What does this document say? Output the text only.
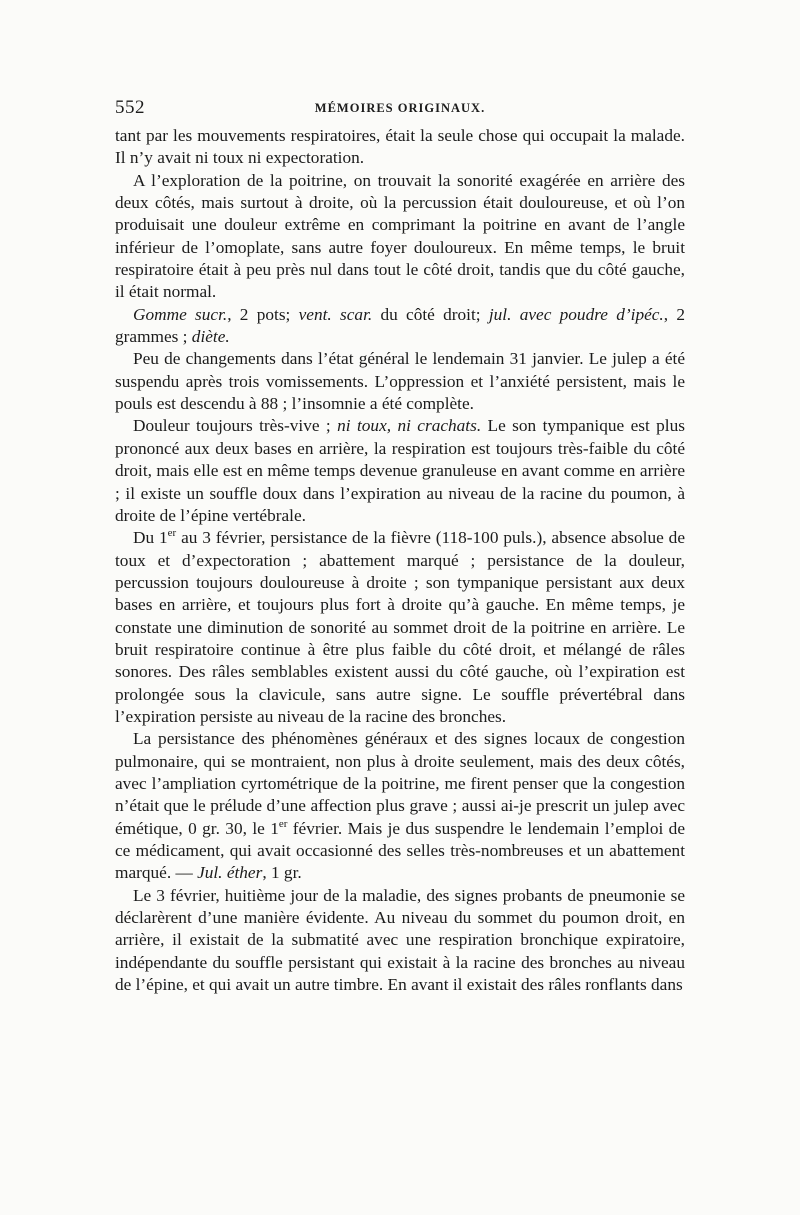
552	MÉMOIRES ORIGINAUX.

tant par les mouvements respiratoires, était la seule chose qui occupait la malade. Il n’y avait ni toux ni expectoration.

A l’exploration de la poitrine, on trouvait la sonorité exagérée en arrière des deux côtés, mais surtout à droite, où la percussion était douloureuse, et où l’on produisait une douleur extrême en comprimant la poitrine en avant de l’angle inférieur de l’omoplate, sans autre foyer douloureux. En même temps, le bruit respiratoire était à peu près nul dans tout le côté droit, tandis que du côté gauche, il était normal.

Gomme sucr., 2 pots; vent. scar. du côté droit; jul. avec poudre d’ipéc., 2 grammes ; diète.

Peu de changements dans l’état général le lendemain 31 janvier. Le julep a été suspendu après trois vomissements. L’oppression et l’anxiété persistent, mais le pouls est descendu à 88 ; l’insomnie a été complète.

Douleur toujours très-vive ; ni toux, ni crachats. Le son tympanique est plus prononcé aux deux bases en arrière, la respiration est toujours très-faible du côté droit, mais elle est en même temps devenue granuleuse en avant comme en arrière ; il existe un souffle doux dans l’expiration au niveau de la racine du poumon, à droite de l’épine vertébrale.

Du 1er au 3 février, persistance de la fièvre (118-100 puls.), absence absolue de toux et d’expectoration ; abattement marqué ; persistance de la douleur, percussion toujours douloureuse à droite ; son tympanique persistant aux deux bases en arrière, et toujours plus fort à droite qu’à gauche. En même temps, je constate une diminution de sonorité au sommet droit de la poitrine en arrière. Le bruit respiratoire continue à être plus faible du côté droit, et mélangé de râles sonores. Des râles semblables existent aussi du côté gauche, où l’expiration est prolongée sous la clavicule, sans autre signe. Le souffle prévertébral dans l’expiration persiste au niveau de la racine des bronches.

La persistance des phénomènes généraux et des signes locaux de congestion pulmonaire, qui se montraient, non plus à droite seulement, mais des deux côtés, avec l’ampliation cyrtométrique de la poitrine, me firent penser que la congestion n’était que le prélude d’une affection plus grave ; aussi ai-je prescrit un julep avec émétique, 0 gr. 30, le 1er février. Mais je dus suspendre le lendemain l’emploi de ce médicament, qui avait occasionné des selles très-nombreuses et un abattement marqué. — Jul. éther, 1 gr.

Le 3 février, huitième jour de la maladie, des signes probants de pneumonie se déclarèrent d’une manière évidente. Au niveau du sommet du poumon droit, en arrière, il existait de la submatité avec une respiration bronchique expiratoire, indépendante du souffle persistant qui existait à la racine des bronches au niveau de l’épine, et qui avait un autre timbre. En avant il existait des râles ronflants dans
